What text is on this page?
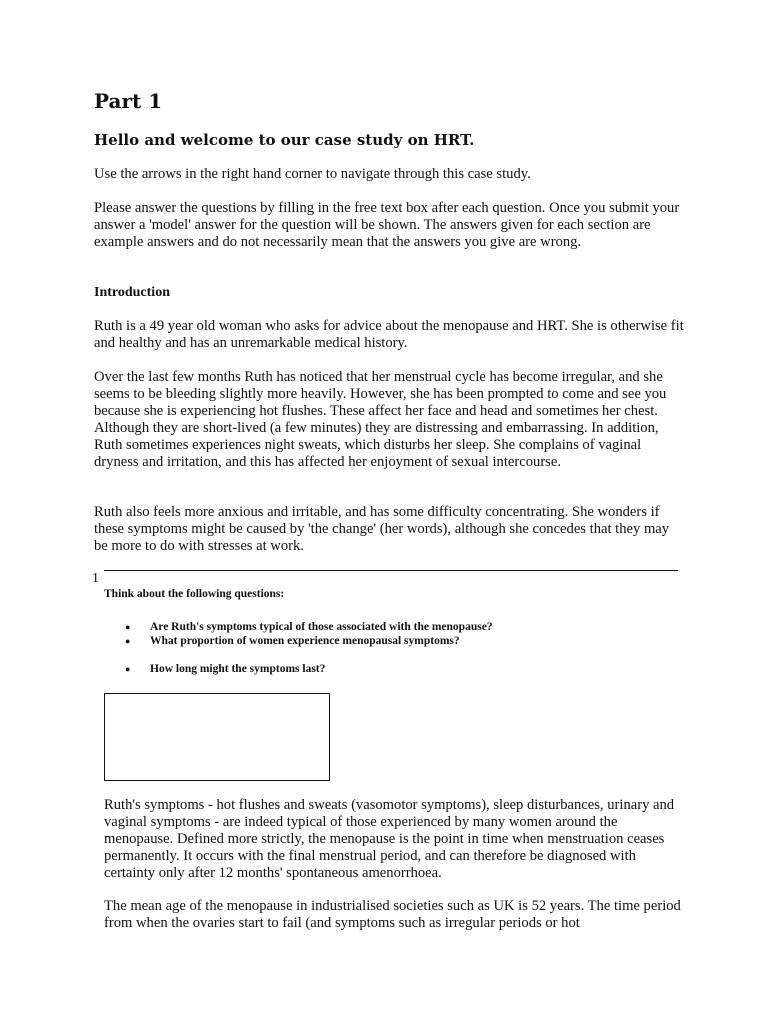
Part 1
Hello and welcome to our case study on HRT.

Use the arrows in the right hand corner to navigate through this case study.

Please answer the questions by filling in the free text box after each question. Once you submit your answer a 'model' answer for the question will be shown. The answers given for each section are example answers and do not necessarily mean that the answers you give are wrong.

Introduction

Ruth is a 49 year old woman who asks for advice about the menopause and HRT. She is otherwise fit and healthy and has an unremarkable medical history.

Over the last few months Ruth has noticed that her menstrual cycle has become irregular, and she seems to be bleeding slightly more heavily. However, she has been prompted to come and see you because she is experiencing hot flushes. These affect her face and head and sometimes her chest. Although they are short-lived (a few minutes) they are distressing and embarrassing. In addition, Ruth sometimes experiences night sweats, which disturbs her sleep. She complains of vaginal dryness and irritation, and this has affected her enjoyment of sexual intercourse.

Ruth also feels more anxious and irritable, and has some difficulty concentrating. She wonders if these symptoms might be caused by 'the change' (her words), although she concedes that they may be more to do with stresses at work.

1
Think about the following questions:
● Are Ruth's symptoms typical of those associated with the menopause?
● What proportion of women experience menopausal symptoms?
● How long might the symptoms last?

Ruth's symptoms - hot flushes and sweats (vasomotor symptoms), sleep disturbances, urinary and vaginal symptoms - are indeed typical of those experienced by many women around the menopause. Defined more strictly, the menopause is the point in time when menstruation ceases permanently. It occurs with the final menstrual period, and can therefore be diagnosed with certainty only after 12 months' spontaneous amenorrhoea.

The mean age of the menopause in industrialised societies such as UK is 52 years. The time period from when the ovaries start to fail (and symptoms such as irregular periods or hot
